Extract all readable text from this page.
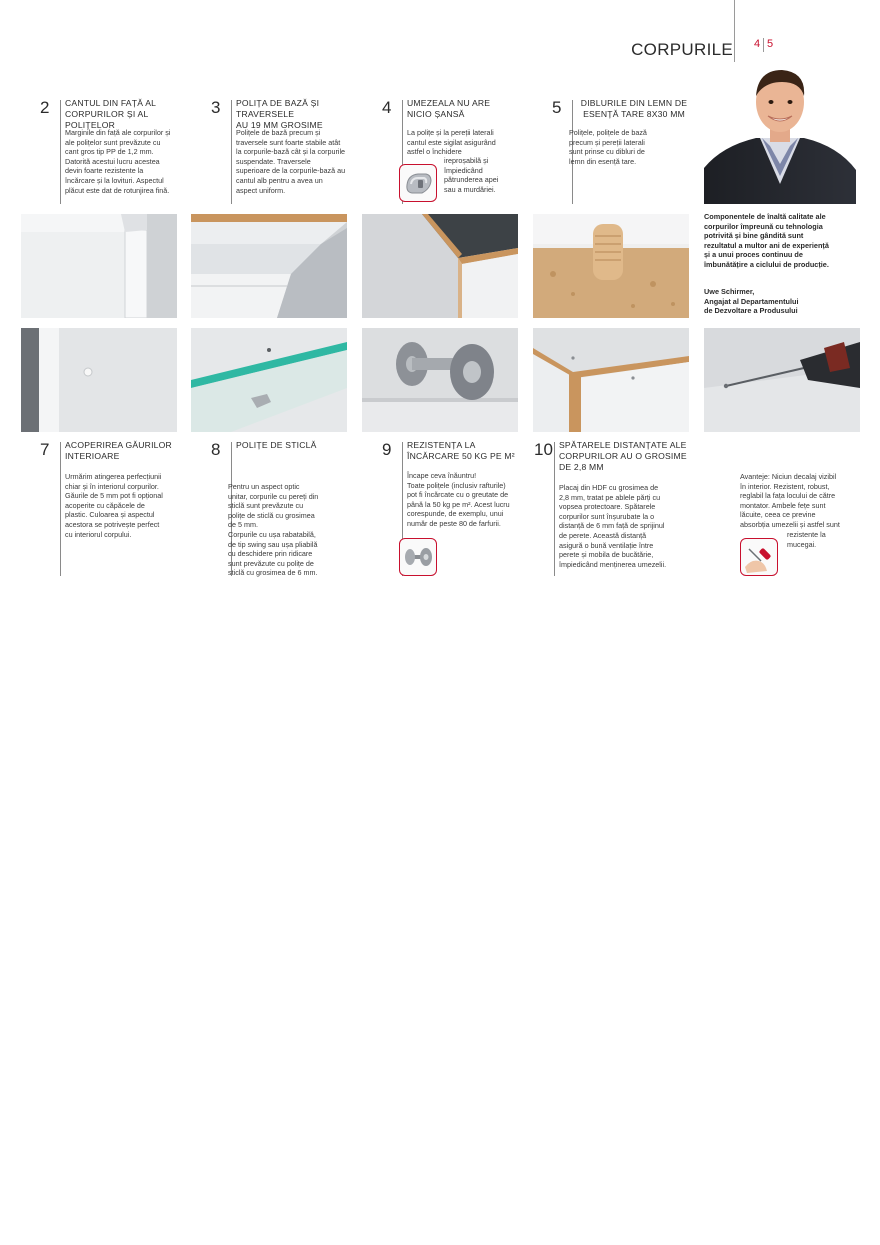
CORPURILE 4 5
2 CANTUL DIN FAȚĂ AL
CORPURILOR ȘI AL POLIȚELOR
Marginile din față ale corpurilor și
ale polițelor sunt prevăzute cu
cant gros tip PP de 1,2 mm.
Datorită acestui lucru acestea
devin foarte rezistente la
încărcare și la lovituri. Aspectul
plăcut este dat de rotunjirea fină.
3 POLIȚA DE BAZĂ ȘI TRAVERSELE
AU 19 MM GROSIME
Polițele de bază precum și
traversele sunt foarte stabile atât
la corpurile-bază cât și la corpurile
suspendate. Traversele
superioare de la corpurile-bază au
cantul alb pentru a avea un
aspect uniform.
4 UMEZEALA NU ARE
NICIO ȘANSĂ
La polițe și la pereții laterali
cantul este sigilat asigurând
astfel o închidere
ireproșabilă și
împiedicând
pătrunderea apei
sau a murdăriei.
5	DIBLURILE DIN LEMN DE
ESENȚĂ TARE 8X30 MM
Polițele, polițele de bază
precum și pereții laterali
sunt prinse cu dibluri de
lemn din esență tare.
Componentele de înaltă calitate ale
corpurilor împreună cu tehnologia
potrivită și bine gândită sunt
rezultatul a multor ani de experiență
și a unui proces continuu de
îmbunătățire a ciclului de producție.
Uwe Schirmer,
Angajat al Departamentului
de Dezvoltare a Produsului
7 ACOPERIREA GĂURILOR
INTERIOARE
Urmărim atingerea perfecțiunii
chiar și în interiorul corpurilor.
Găurile de 5 mm pot fi opțional
acoperite cu căpăcele de
plastic. Culoarea și aspectul
acestora se potrivește perfect
cu interiorul corpului.
8 POLIȚE DE STICLĂ
Pentru un aspect optic
unitar, corpurile cu pereți din
sticlă sunt prevăzute cu
polițe de sticlă cu grosimea
de 5 mm.
Corpurile cu ușa rabatabilă,
de tip swing sau ușa pliabilă
cu deschidere prin ridicare
sunt prevăzute cu polițe de
sticlă cu grosimea de 6 mm.
9 REZISTENȚA LA
ÎNCĂRCARE 50 KG PE M²
Încape ceva înăuntru!
Toate polițele (inclusiv rafturile)
pot fi încărcate cu o greutate de
până la 50 kg pe m². Acest lucru
corespunde, de exemplu, unui
număr de peste 80 de farfurii.
10 SPĂTARELE DISTANȚATE ALE
CORPURILOR AU O GROSIME
DE 2,8 MM
Placaj din HDF cu grosimea de
2,8 mm, tratat pe ablele părți cu
vopsea protectoare. Spătarele
corpurilor sunt înșurubate la o
distanță de 6 mm față de sprijinul
de perete. Această distanță
asigură o bună ventilație între
perete și mobila de bucătărie,
împiedicând menținerea umezelii.
Avanteje: Niciun decalaj vizibil
în interior. Rezistent, robust,
reglabil la fața locului de către
montator. Ambele fețe sunt
lăcuite, ceea ce previne
absorbția umezelii și astfel sunt
rezistente la
mucegai.
